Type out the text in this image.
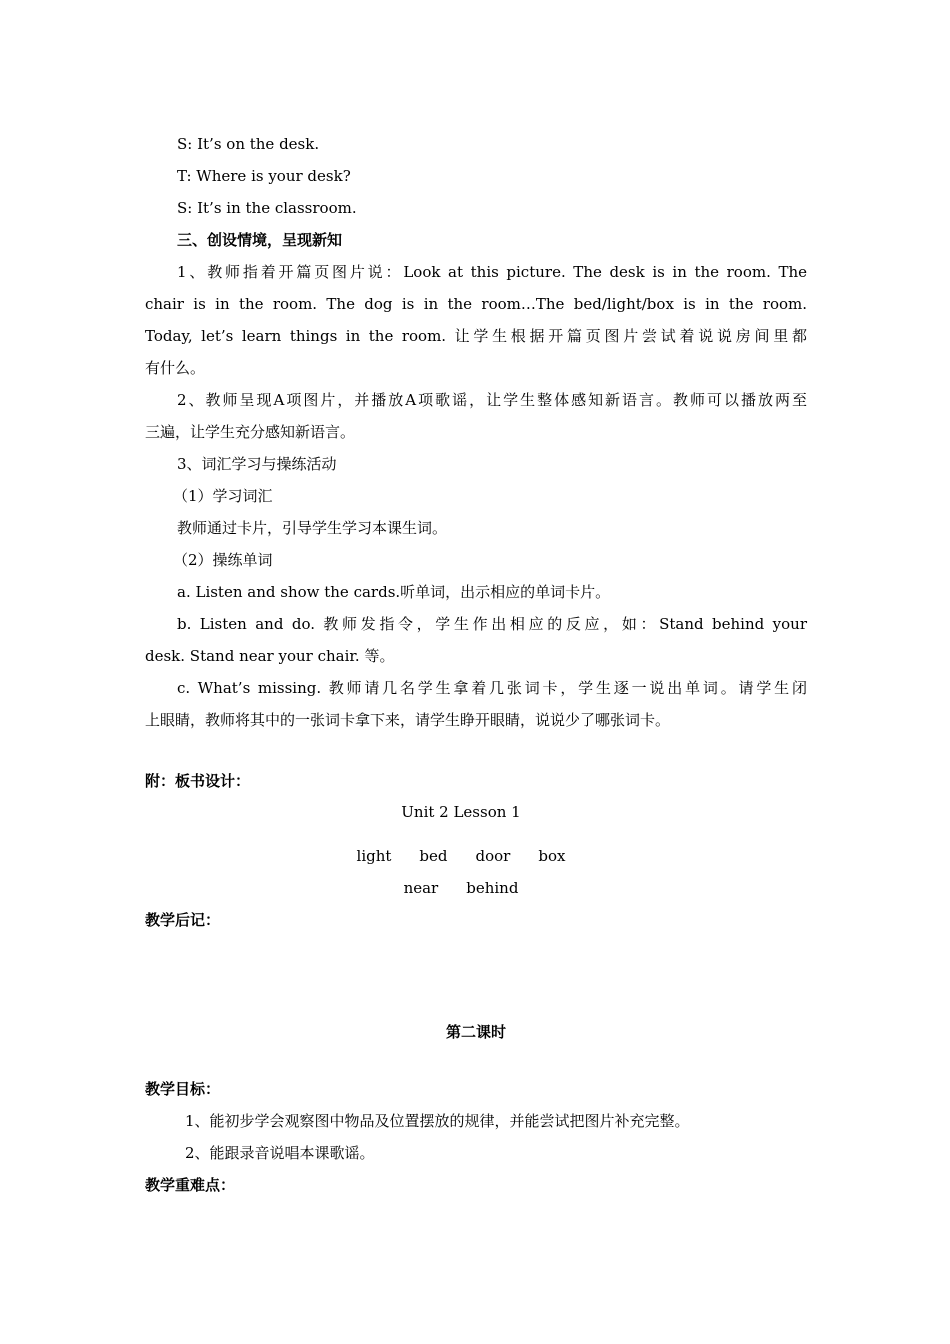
S: It’s on the desk.
T: Where is your desk?
S: It’s in the classroom.
三、创设情境，呈现新知
1、教师指着开篇页图片说：Look at this picture. The desk is in the room. The
chair is in the room. The dog is in the room…The bed/light/box is in the room.
Today, let’s learn things in the room. 让学生根据开篇页图片尝试着说说房间里都
有什么。
2、教师呈现A项图片，并播放A项歌谣，让学生整体感知新语言。教师可以播放两至
三遍，让学生充分感知新语言。
3、词汇学习与操练活动
（1）学习词汇
教师通过卡片，引导学生学习本课生词。
（2）操练单词
a. Listen and show the cards.听单词，出示相应的单词卡片。
b. Listen and do. 教师发指令，学生作出相应的反应，如：Stand behind your
desk. Stand near your chair. 等。
c. What’s missing. 教师请几名学生拿着几张词卡，学生逐一说出单词。请学生闭
上眼睛，教师将其中的一张词卡拿下来，请学生睁开眼睛，说说少了哪张词卡。
附：板书设计：
Unit 2 Lesson 1
light bed door box
near behind
教学后记：
第二课时
教学目标：
1、能初步学会观察图中物品及位置摆放的规律，并能尝试把图片补充完整。
2、能跟录音说唱本课歌谣。
教学重难点：
